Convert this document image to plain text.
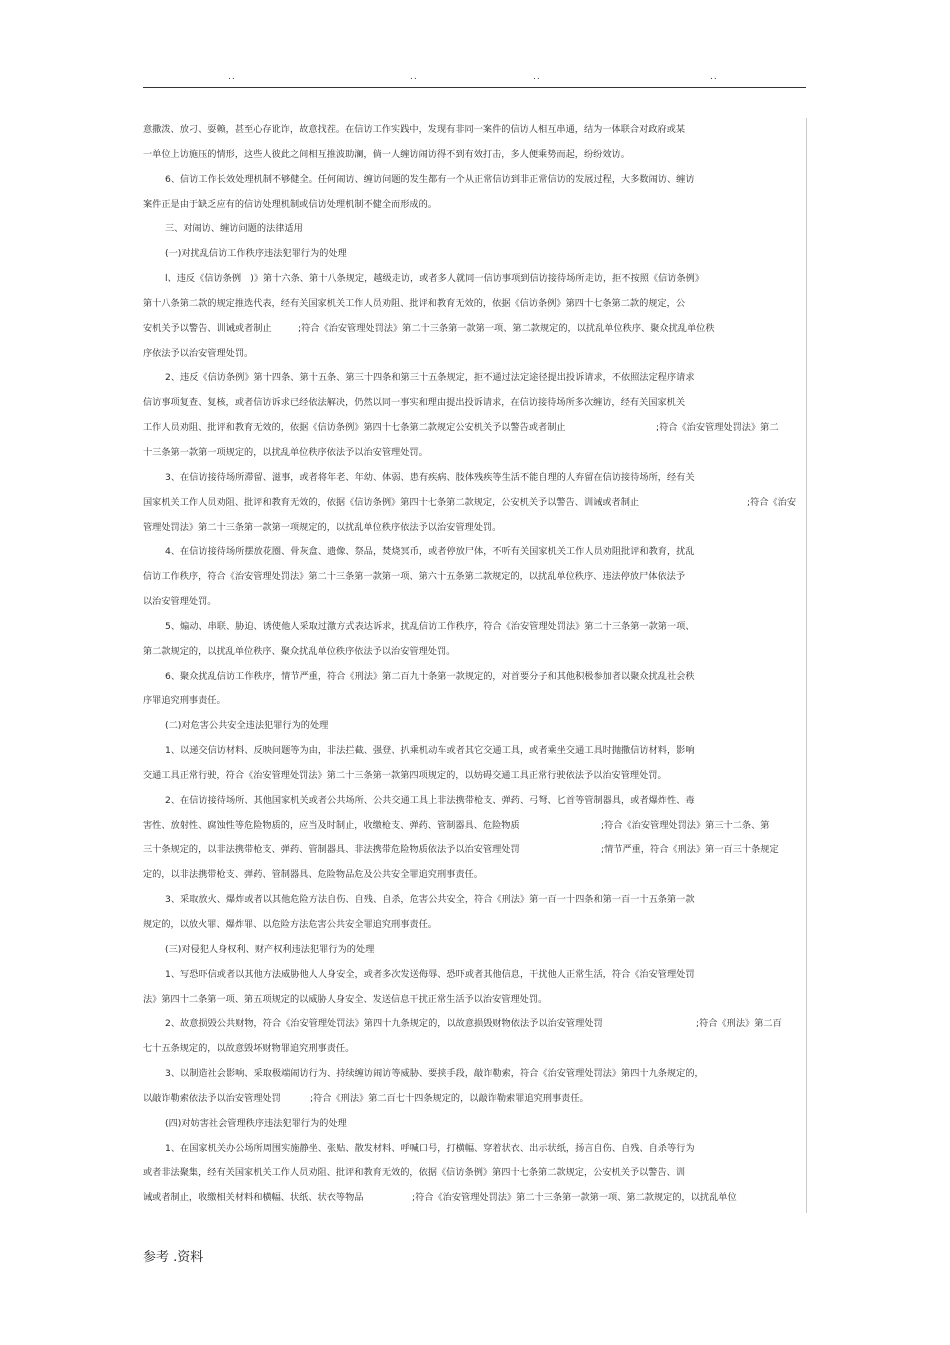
..	..	..	..
意撒泼、放刁、耍赖，甚至心存讹诈，故意找茬。在信访工作实践中，发现有非同一案件的信访人相互串通，结为一体联合对政府或某
一单位上访施压的情形，这些人彼此之间相互推波助澜，倘一人缠访闹访得不到有效打击，多人便乘势而起，纷纷效访。
6、信访工作长效处理机制不够健全。任何闹访、缠访问题的发生都有一个从正常信访到非正常信访的发展过程，大多数闹访、缠访
案件正是由于缺乏应有的信访处理机制或信访处理机制不健全而形成的。
三、对闹访、缠访问题的法律适用
(一)对扰乱信访工作秩序违法犯罪行为的处理
l、违反《信访条例　)》第十六条、第十八条规定，越级走访，或者多人就同一信访事项到信访接待场所走访，拒不按照《信访条例》
第十八条第二款的规定推选代表，经有关国家机关工作人员劝阻、批评和教育无效的，依据《信访条例》第四十七条第二款的规定，公
安机关予以警告、训诫或者制止	;符合《治安管理处罚法》第二十三条第一款第一项、第二款规定的，以扰乱单位秩序、聚众扰乱单位秩
序依法予以治安管理处罚。
2、违反《信访条例》第十四条、第十五条、第三十四条和第三十五条规定，拒不通过法定途径提出投诉请求，不依照法定程序请求
信访事项复查、复核，或者信访诉求已经依法解决，仍然以同一事实和理由提出投诉请求，在信访接待场所多次缠访，经有关国家机关
工作人员劝阻、批评和教育无效的，依据《信访条例》第四十七条第二款规定公安机关予以警告或者制止	;符合《治安管理处罚法》第二
十三条第一款第一项规定的，以扰乱单位秩序依法予以治安管理处罚。
3、在信访接待场所滞留、滋事，或者将年老、年幼、体弱、患有疾病、肢体残疾等生活不能自理的人弃留在信访接待场所，经有关
国家机关工作人员劝阻、批评和教育无效的，依据《信访条例》第四十七条第二款规定，公安机关予以警告、训诫或者制止	;符合《治安
管理处罚法》第二十三条第一款第一项规定的，以扰乱单位秩序依法予以治安管理处罚。
4、在信访接待场所摆放花圈、骨灰盒、遗像、祭品，焚烧冥币，或者停放尸体，不听有关国家机关工作人员劝阻批评和教育，扰乱
信访工作秩序，符合《治安管理处罚法》第二十三条第一款第一项、第六十五条第二款规定的，以扰乱单位秩序、违法停放尸体依法予
以治安管理处罚。
5、煽动、串联、胁迫、诱使他人采取过激方式表达诉求，扰乱信访工作秩序，符合《治安管理处罚法》第二十三条第一款第一项、
第二款规定的，以扰乱单位秩序、聚众扰乱单位秩序依法予以治安管理处罚。
6、聚众扰乱信访工作秩序，情节严重，符合《刑法》第二百九十条第一款规定的，对首要分子和其他积极参加者以聚众扰乱社会秩
序罪追究刑事责任。
(二)对危害公共安全违法犯罪行为的处理
1、以递交信访材料、反映问题等为由，非法拦截、强登、扒乘机动车或者其它交通工具，或者乘坐交通工具时抛撒信访材料，影响
交通工具正常行驶，符合《治安管理处罚法》第二十三条第一款第四项规定的，以妨碍交通工具正常行驶依法予以治安管理处罚。
2、在信访接待场所、其他国家机关或者公共场所、公共交通工具上非法携带枪支、弹药、弓弩、匕首等管制器具，或者爆炸性、毒
害性、放射性、腐蚀性等危险物质的，应当及时制止，收缴枪支、弹药、管制器具、危险物质	;符合《治安管理处罚法》第三十二条、第
三十条规定的，以非法携带枪支、弹药、管制器具、非法携带危险物质依法予以治安管理处罚	;情节严重，符合《刑法》第一百三十条规定
定的，以非法携带枪支、弹药、管制器具、危险物品危及公共安全罪追究刑事责任。
3、采取放火、爆炸或者以其他危险方法自伤、自残、自杀，危害公共安全，符合《刑法》第一百一十四条和第一百一十五条第一款
规定的，以放火罪、爆炸罪、以危险方法危害公共安全罪追究刑事责任。
(三)对侵犯人身权利、财产权利违法犯罪行为的处理
1、写恐吓信或者以其他方法威胁他人人身安全，或者多次发送侮辱、恐吓或者其他信息，干扰他人正常生活，符合《治安管理处罚
法》第四十二条第一项、第五项规定的以威胁人身安全、发送信息干扰正常生活予以治安管理处罚。
2、故意损毁公共财物，符合《治安管理处罚法》第四十九条规定的，以故意损毁财物依法予以治安管理处罚	;符合《刑法》第二百
七十五条规定的，以故意毁坏财物罪追究刑事责任。
3、以制造社会影响、采取极端闹访行为、持续缠访闹访等威胁、要挟手段，敲诈勒索，符合《治安管理处罚法》第四十九条规定的，
以敲诈勒索依法予以治安管理处罚	;符合《刑法》第二百七十四条规定的，以敲诈勒索罪追究刑事责任。
(四)对妨害社会管理秩序违法犯罪行为的处理
1、在国家机关办公场所周围实施静坐、张贴、散发材料、呼喊口号，打横幅、穿着状衣、出示状纸，扬言自伤、自残、自杀等行为
或者非法聚集，经有关国家机关工作人员劝阻、批评和教育无效的，依据《信访条例》第四十七条第二款规定，公安机关予以警告、训
诫或者制止，收缴相关材料和横幅、状纸、状衣等物品	;符合《治安管理处罚法》第二十三条第一款第一项、第二款规定的，以扰乱单位
参考 .资料
